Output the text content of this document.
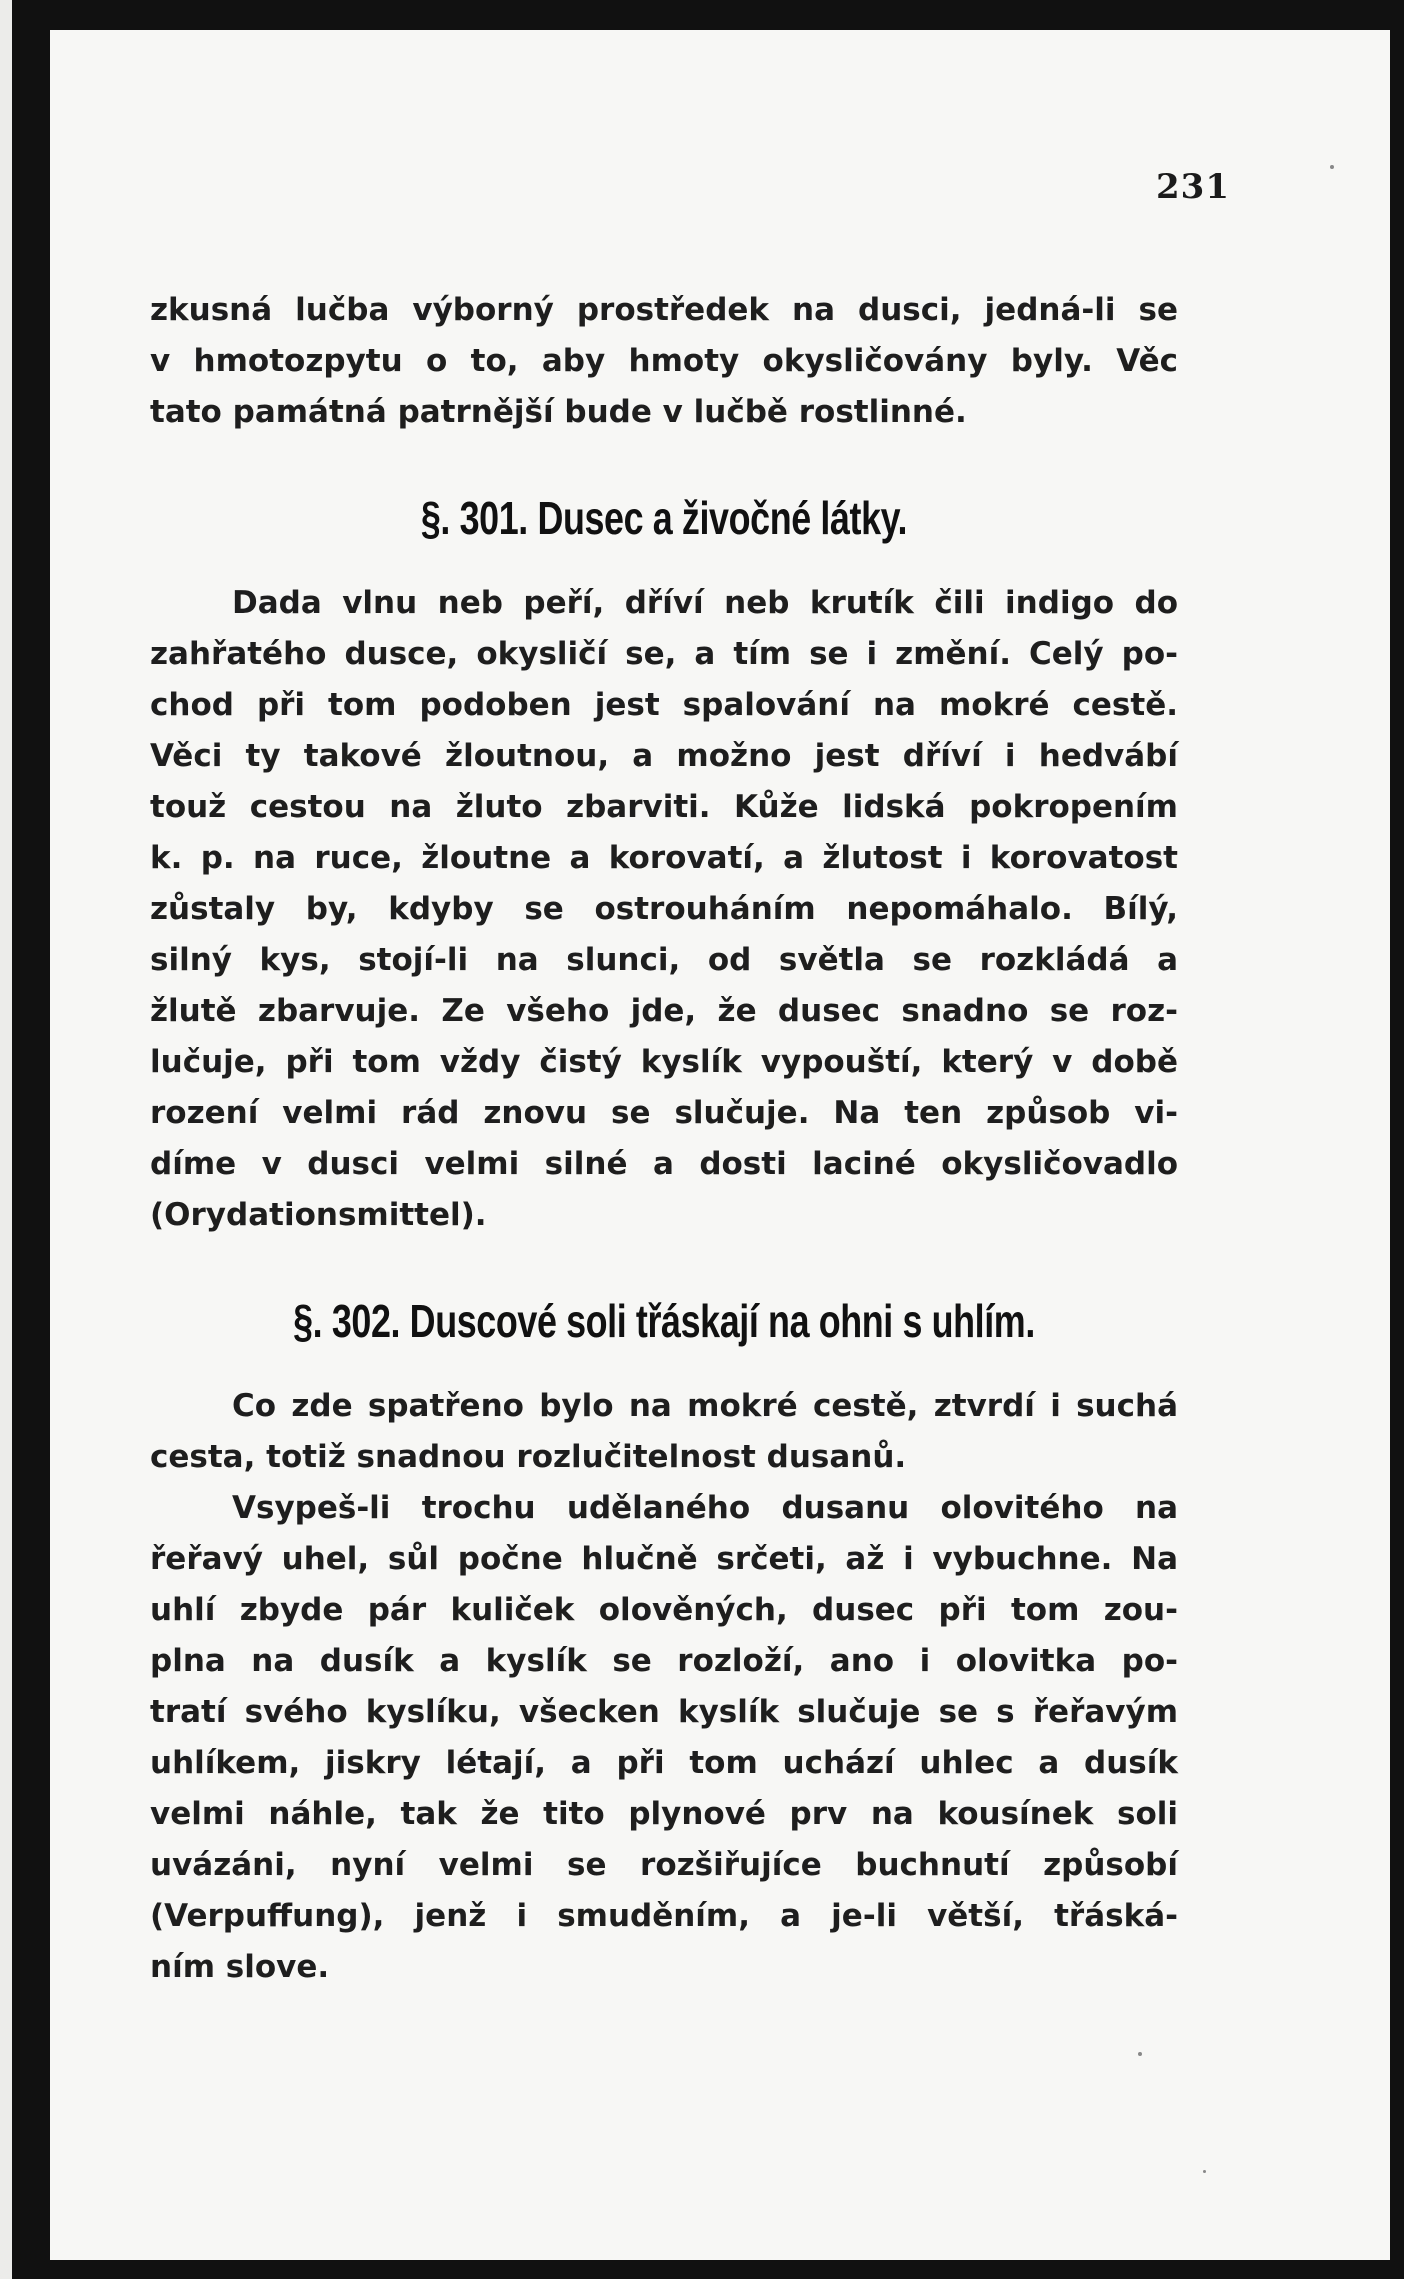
231
zkusná lučba výborný prostředek na dusci, jedná-li se
v hmotozpytu o to, aby hmoty okysličovány byly. Věc
tato památná patrnější bude v lučbě rostlinné.
§. 301. Dusec a živočné látky.
Dada vlnu neb peří, dříví neb krutík čili indigo do
zahřatého dusce, okysličí se, a tím se i změní. Celý po-
chod při tom podoben jest spalování na mokré cestě.
Věci ty takové žloutnou, a možno jest dříví i hedvábí
touž cestou na žluto zbarviti. Kůže lidská pokropením
k. p. na ruce, žloutne a korovatí, a žlutost i korovatost
zůstaly by, kdyby se ostrouháním nepomáhalo. Bílý,
silný kys, stojí-li na slunci, od světla se rozkládá a
žlutě zbarvuje. Ze všeho jde, že dusec snadno se roz-
lučuje, při tom vždy čistý kyslík vypouští, který v době
rození velmi rád znovu se slučuje. Na ten způsob vi-
díme v dusci velmi silné a dosti laciné okysličovadlo
(Orydationsmittel).
§. 302. Duscové soli třáskají na ohni s uhlím.
Co zde spatřeno bylo na mokré cestě, ztvrdí i suchá
cesta, totiž snadnou rozlučitelnost dusanů.
Vsypeš-li trochu udělaného dusanu olovitého na
řeřavý uhel, sůl počne hlučně srčeti, až i vybuchne. Na
uhlí zbyde pár kuliček olověných, dusec při tom zou-
plna na dusík a kyslík se rozloží, ano i olovitka po-
tratí svého kyslíku, všecken kyslík slučuje se s řeřavým
uhlíkem, jiskry létají, a při tom uchází uhlec a dusík
velmi náhle, tak že tito plynové prv na kousínek soli
uvázáni, nyní velmi se rozšiřujíce buchnutí způsobí
(Verpuffung), jenž i smuděním, a je-li větší, třáská-
ním slove.
